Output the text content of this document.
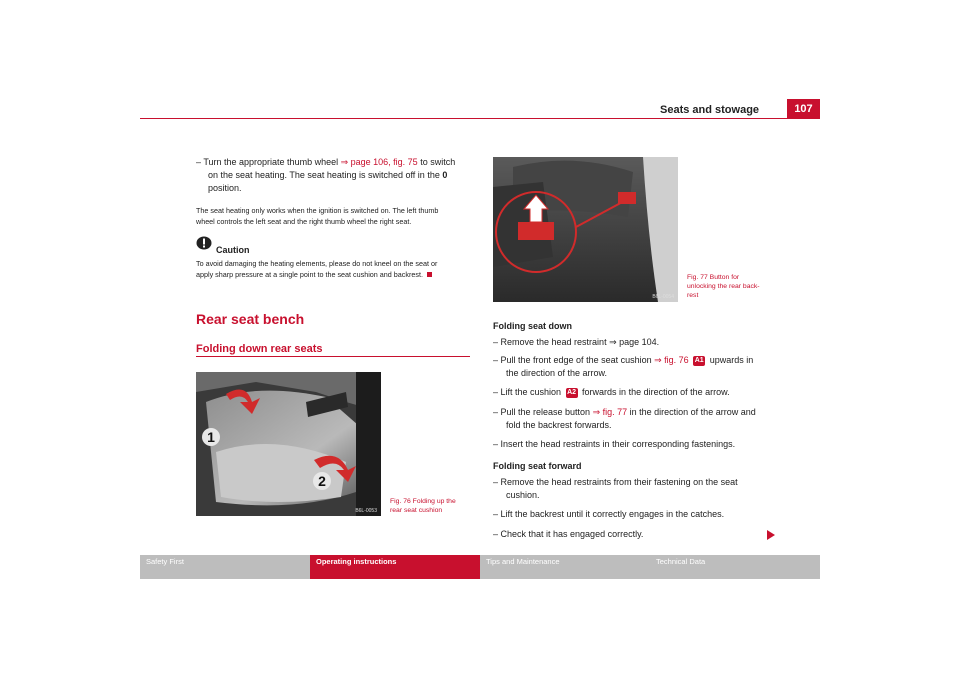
Seats and stowage	107
– Turn the appropriate thumb wheel ⇒ page 106, fig. 75 to switch
on the seat heating. The seat heating is switched off in the 0
position.
The seat heating only works when the ignition is switched on. The left thumb
wheel controls the left seat and the right thumb wheel the right seat.
Caution
To avoid damaging the heating elements, please do not kneel on the seat or
apply sharp pressure at a single point to the seat cushion and backrest.
Rear seat bench
Folding down rear seats
1
2
B6L-0053
Fig. 76 Folding up the
rear seat cushion
B6L-0054
Fig. 77 Button for
unlocking the rear back-
rest
Folding seat down
– Remove the head restraint ⇒ page 104.
– Pull the front edge of the seat cushion ⇒ fig. 76 A1 upwards in
the direction of the arrow.
– Lift the cushion A2 forwards in the direction of the arrow.
– Pull the release button ⇒ fig. 77 in the direction of the arrow and
fold the backrest forwards.
– Insert the head restraints in their corresponding fastenings.
Folding seat forward
– Remove the head restraints from their fastening on the seat
cushion.
– Lift the backrest until it correctly engages in the catches.
– Check that it has engaged correctly.
Safety First	Operating instructions	Tips and Maintenance	Technical Data
